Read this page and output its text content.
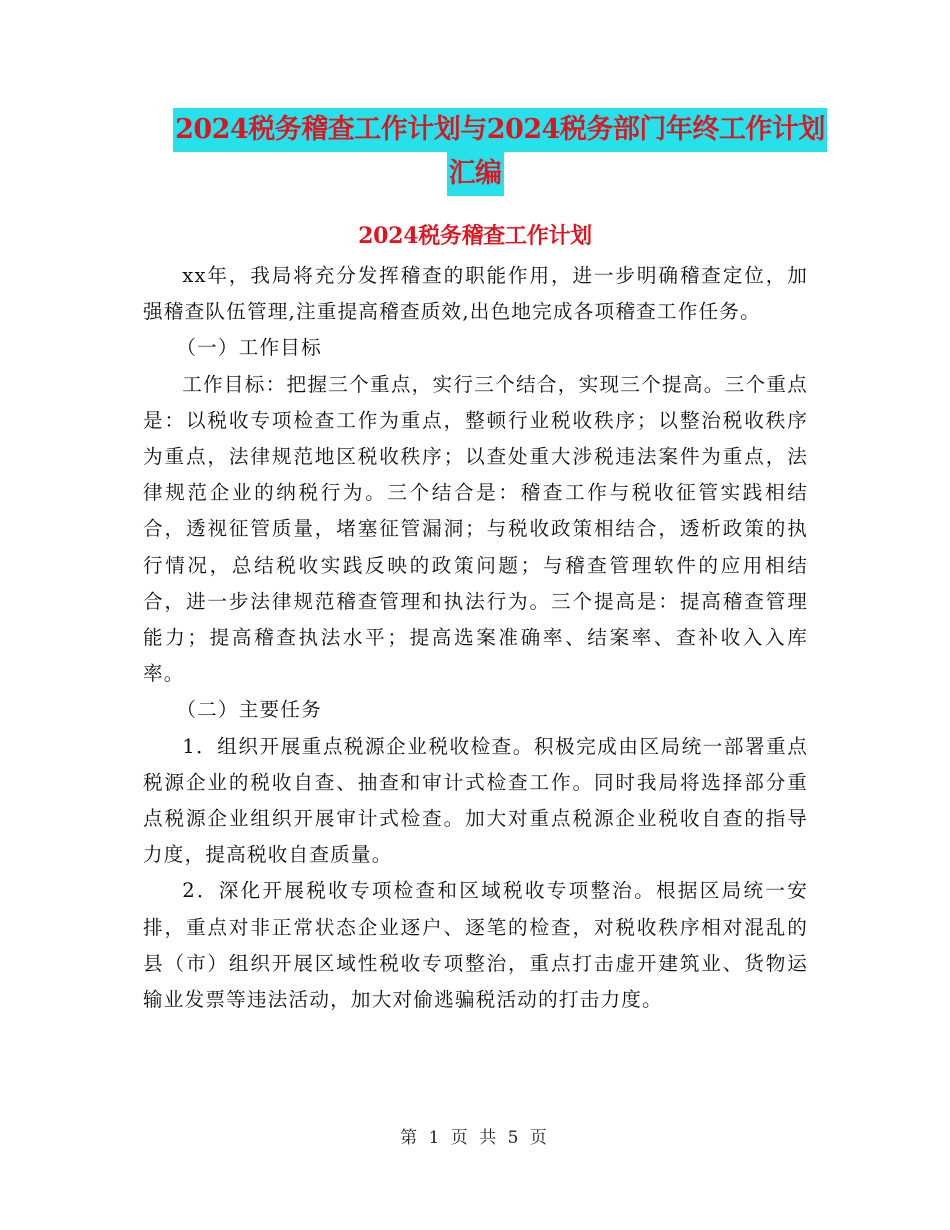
2024税务稽查工作计划与2024税务部门年终工作计划
汇编
2024税务稽查工作计划

xx年，我局将充分发挥稽查的职能作用，进一步明确稽查定位，加强稽查队伍管理,注重提高稽查质效,出色地完成各项稽查工作任务。

（一）工作目标

工作目标：把握三个重点，实行三个结合，实现三个提高。三个重点是：以税收专项检查工作为重点，整顿行业税收秩序；以整治税收秩序为重点，法律规范地区税收秩序；以查处重大涉税违法案件为重点，法律规范企业的纳税行为。三个结合是：稽查工作与税收征管实践相结合，透视征管质量，堵塞征管漏洞；与税收政策相结合，透析政策的执行情况，总结税收实践反映的政策问题；与稽查管理软件的应用相结合，进一步法律规范稽查管理和执法行为。三个提高是：提高稽查管理能力；提高稽查执法水平；提高选案准确率、结案率、查补收入入库率。

（二）主要任务

1．组织开展重点税源企业税收检查。积极完成由区局统一部署重点税源企业的税收自查、抽查和审计式检查工作。同时我局将选择部分重点税源企业组织开展审计式检查。加大对重点税源企业税收自查的指导力度，提高税收自查质量。

2．深化开展税收专项检查和区域税收专项整治。根据区局统一安排，重点对非正常状态企业逐户、逐笔的检查，对税收秩序相对混乱的县（市）组织开展区域性税收专项整治，重点打击虚开建筑业、货物运输业发票等违法活动，加大对偷逃骗税活动的打击力度。

第 1 页 共 5 页
